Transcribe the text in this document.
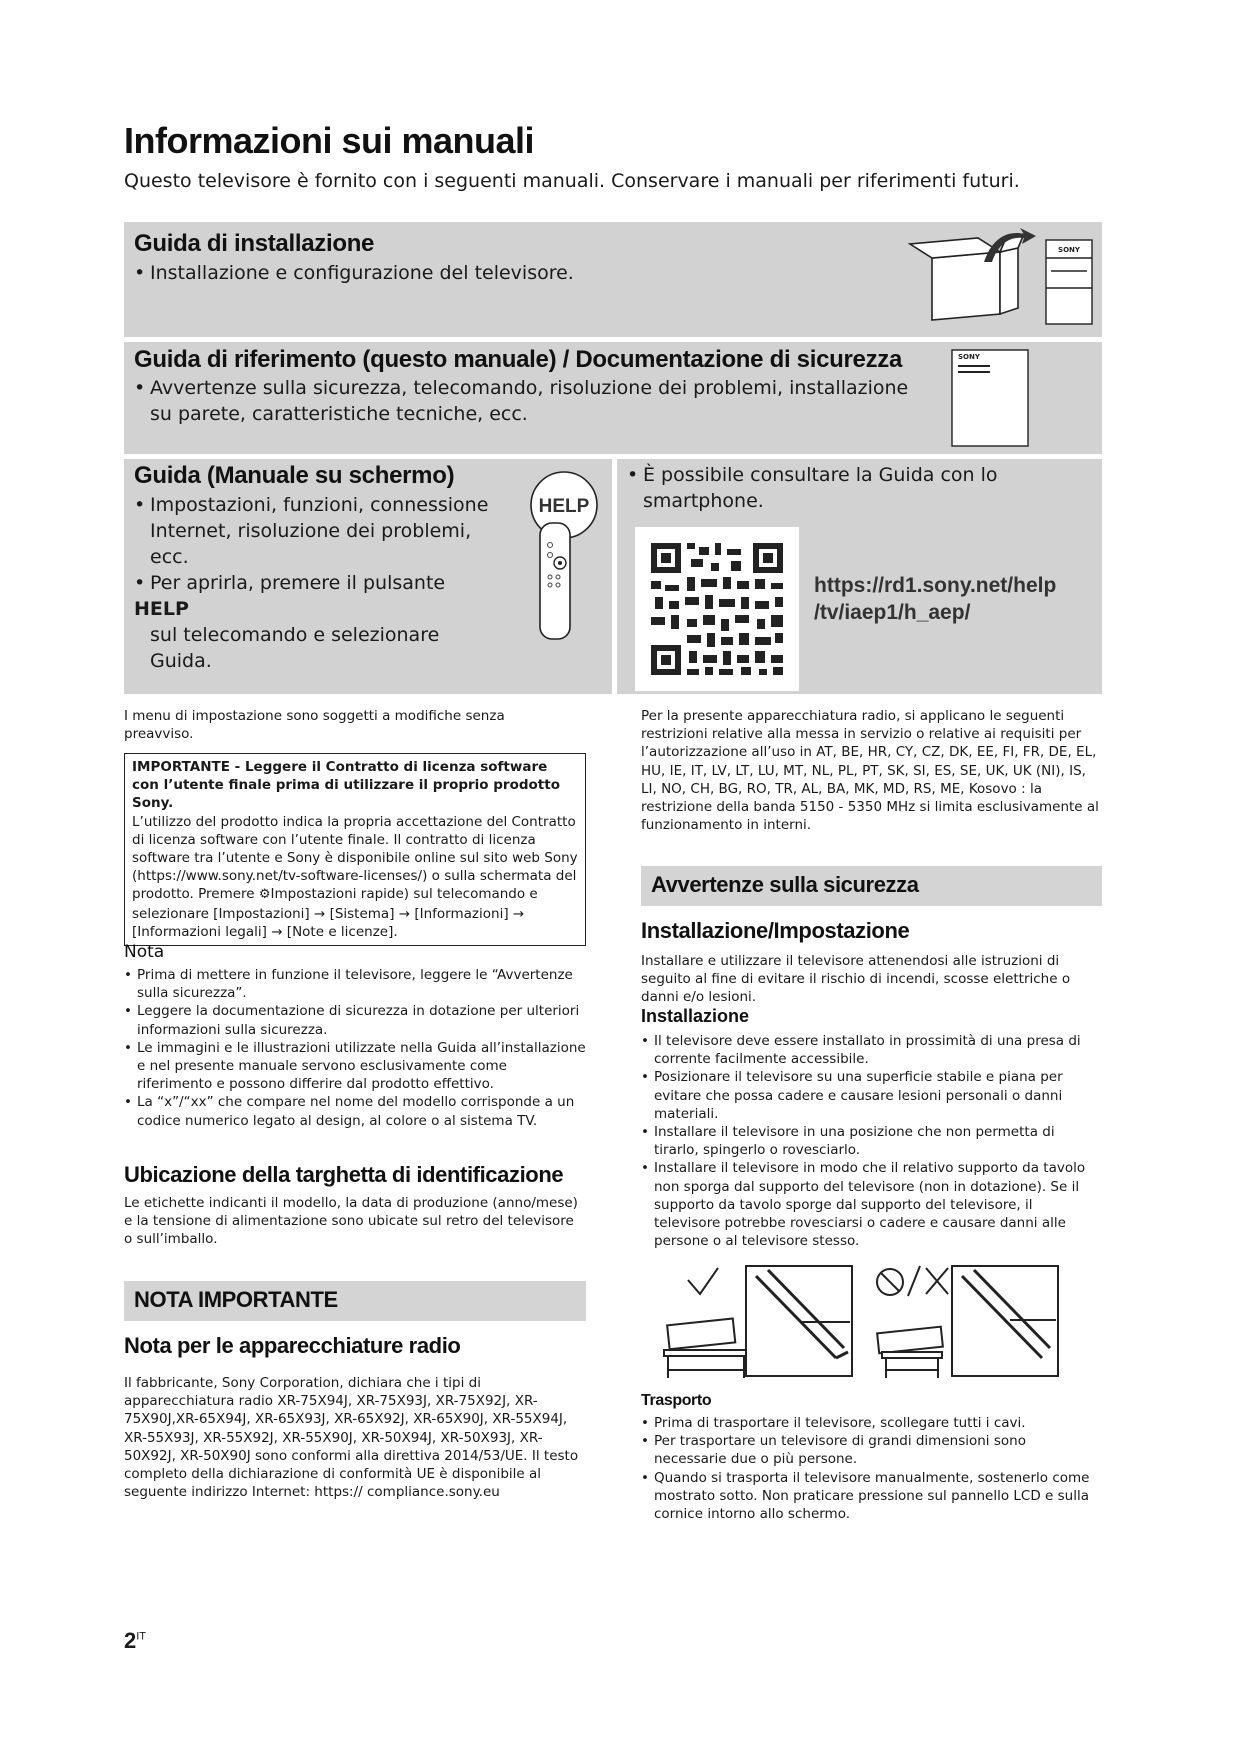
Informazioni sui manuali
Questo televisore è fornito con i seguenti manuali. Conservare i manuali per riferimenti futuri.
Guida di installazione
• Installazione e configurazione del televisore.
SONY
Guida di riferimento (questo manuale) / Documentazione di sicurezza
• Avvertenze sulla sicurezza, telecomando, risoluzione dei problemi, installazione
su parete, caratteristiche tecniche, ecc.
SONY
Guida (Manuale su schermo)
• Impostazioni, funzioni, connessione
Internet, risoluzione dei problemi,
ecc.
• Per aprirla, premere il pulsante HELP
sul telecomando e selezionare Guida.
HELP
• È possibile consultare la Guida con lo
smartphone.
https://rd1.sony.net/help
/tv/iaep1/h_aep/
I menu di impostazione sono soggetti a modifiche senza preavviso.
IMPORTANTE - Leggere il Contratto di licenza software con l’utente finale prima di utilizzare il proprio prodotto Sony.
L’utilizzo del prodotto indica la propria accettazione del Contratto di licenza software con l’utente finale. Il contratto di licenza software tra l’utente e Sony è disponibile online sul sito web Sony (https://www.sony.net/tv-software-licenses/) o sulla schermata del prodotto. Premere ⚙Impostazioni rapide) sul telecomando e selezionare [Impostazioni] → [Sistema] → [Informazioni] → [Informazioni legali] → [Note e licenze].
Nota
• Prima di mettere in funzione il televisore, leggere le “Avvertenze sulla sicurezza”.
• Leggere la documentazione di sicurezza in dotazione per ulteriori informazioni sulla sicurezza.
• Le immagini e le illustrazioni utilizzate nella Guida all’installazione e nel presente manuale servono esclusivamente come riferimento e possono differire dal prodotto effettivo.
• La “x”/“xx” che compare nel nome del modello corrisponde a un codice numerico legato al design, al colore o al sistema TV.
Ubicazione della targhetta di identificazione
Le etichette indicanti il modello, la data di produzione (anno/mese) e la tensione di alimentazione sono ubicate sul retro del televisore o sull’imballo.
NOTA IMPORTANTE
Nota per le apparecchiature radio
Il fabbricante, Sony Corporation, dichiara che i tipi di apparecchiatura radio XR-75X94J, XR-75X93J, XR-75X92J, XR-75X90J,XR-65X94J, XR-65X93J, XR-65X92J, XR-65X90J, XR-55X94J, XR-55X93J, XR-55X92J, XR-55X90J, XR-50X94J, XR-50X93J, XR-50X92J, XR-50X90J sono conformi alla direttiva 2014/53/UE. Il testo completo della dichiarazione di conformità UE è disponibile al seguente indirizzo Internet: https:// compliance.sony.eu
Per la presente apparecchiatura radio, si applicano le seguenti restrizioni relative alla messa in servizio o relative ai requisiti per l’autorizzazione all’uso in AT, BE, HR, CY, CZ, DK, EE, FI, FR, DE, EL, HU, IE, IT, LV, LT, LU, MT, NL, PL, PT, SK, SI, ES, SE, UK, UK (NI), IS, LI, NO, CH, BG, RO, TR, AL, BA, MK, MD, RS, ME, Kosovo : la restrizione della banda 5150 - 5350 MHz si limita esclusivamente al funzionamento in interni.
Avvertenze sulla sicurezza
Installazione/Impostazione
Installare e utilizzare il televisore attenendosi alle istruzioni di seguito al fine di evitare il rischio di incendi, scosse elettriche o danni e/o lesioni.
Installazione
• Il televisore deve essere installato in prossimità di una presa di corrente facilmente accessibile.
• Posizionare il televisore su una superficie stabile e piana per evitare che possa cadere e causare lesioni personali o danni materiali.
• Installare il televisore in una posizione che non permetta di tirarlo, spingerlo o rovesciarlo.
• Installare il televisore in modo che il relativo supporto da tavolo non sporga dal supporto del televisore (non in dotazione). Se il supporto da tavolo sporge dal supporto del televisore, il televisore potrebbe rovesciarsi o cadere e causare danni alle persone o al televisore stesso.
Trasporto
• Prima di trasportare il televisore, scollegare tutti i cavi.
• Per trasportare un televisore di grandi dimensioni sono necessarie due o più persone.
• Quando si trasporta il televisore manualmente, sostenerlo come mostrato sotto. Non praticare pressione sul pannello LCD e sulla cornice intorno allo schermo.
$2^{IT}$
